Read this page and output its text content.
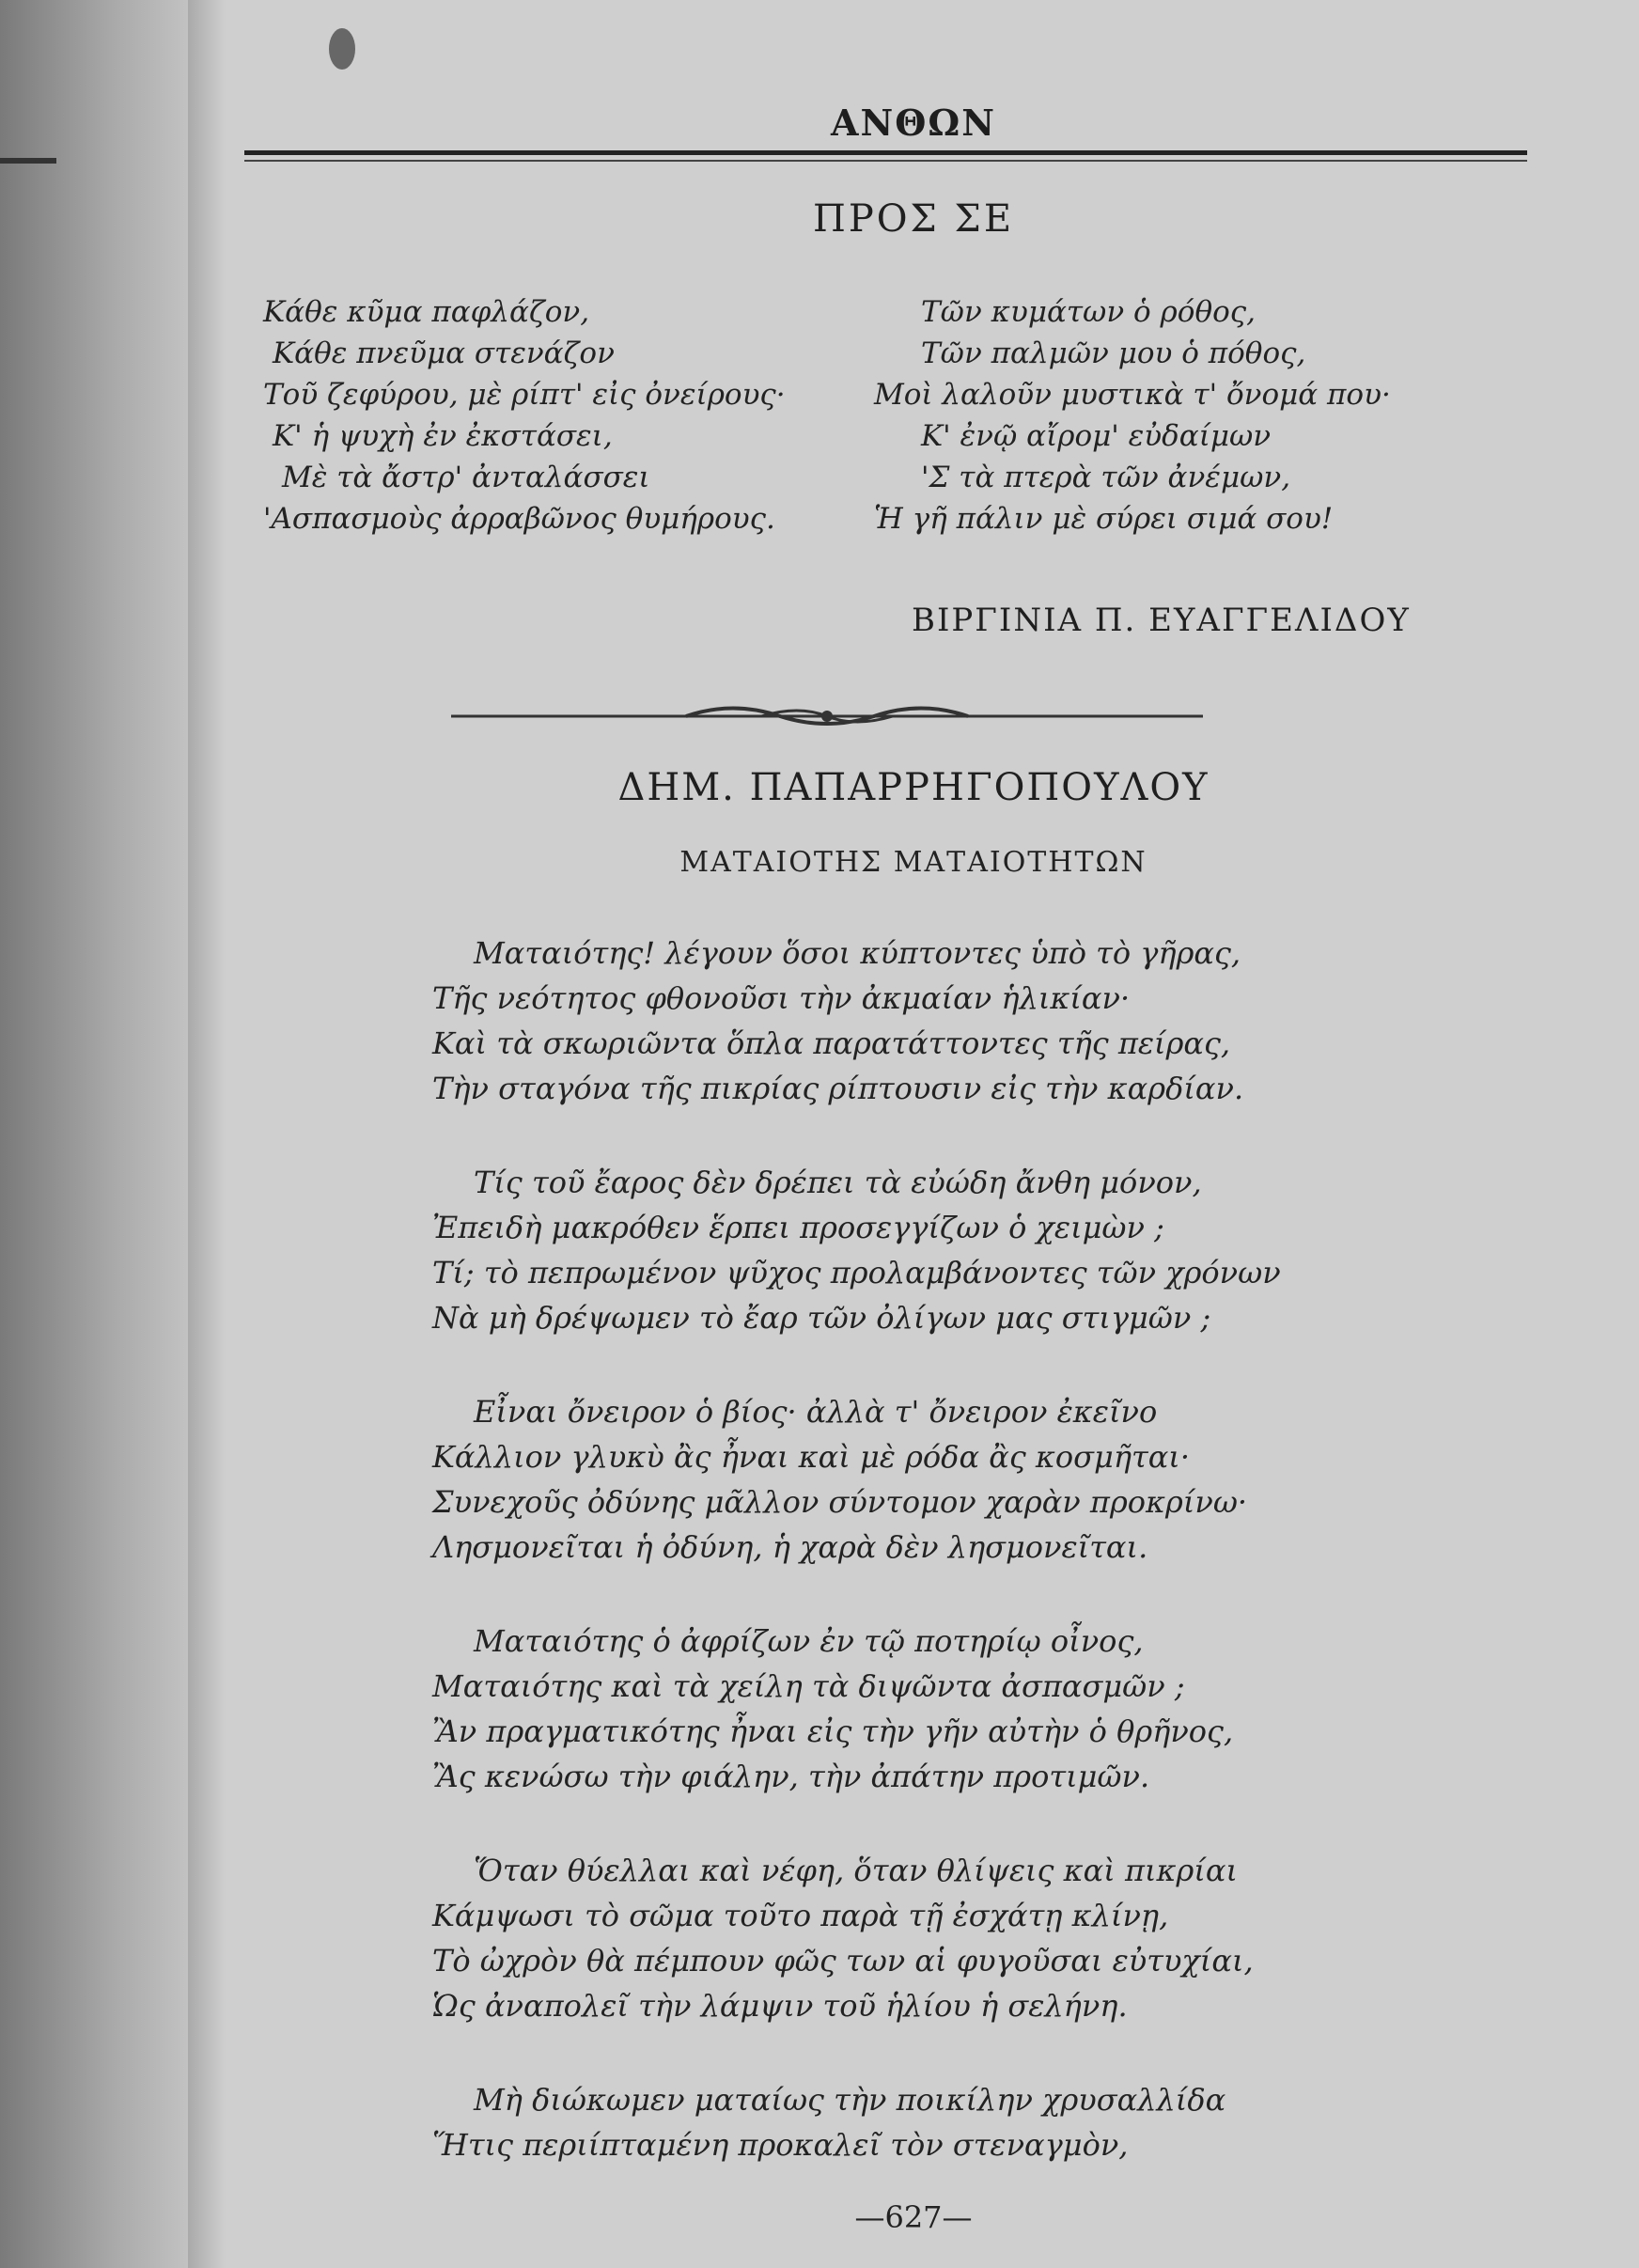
ΑΝΘΩΝ
ΠΡΟΣ ΣΕ
Κάθε κῦμα παφλάζον,
Κάθε πνεῦμα στενάζον
Τοῦ ζεφύρου, μὲ ρίπτ' εἰς ὀνείρους·
Κ' ἡ ψυχὴ ἐν ἐκστάσει,
Μὲ τὰ ἄστρ' ἀνταλάσσει
'Ασπασμοὺς ἀρραβῶνος θυμήρους.
Τῶν κυμάτων ὁ ρόθος,
Τῶν παλμῶν μου ὁ πόθος,
Μοὶ λαλοῦν μυστικὰ τ' ὄνομά που·
Κ' ἐνῷ αἴρομ' εὐδαίμων
'Σ τὰ πτερὰ τῶν ἀνέμων,
Ἡ γῆ πάλιν μὲ σύρει σιμά σου!
ΒΙΡΓΙΝΙΑ Π. ΕΥΑΓΓΕΛΙΔΟΥ
ΔΗΜ. ΠΑΠΑΡΡΗΓΟΠΟΥΛΟΥ
ΜΑΤΑΙΟΤΗΣ ΜΑΤΑΙΟΤΗΤΩΝ
Ματαιότης! λέγουν ὅσοι κύπτοντες ὑπὸ τὸ γῆρας,
Τῆς νεότητος φθονοῦσι τὴν ἀκμαίαν ἡλικίαν·
Καὶ τὰ σκωριῶντα ὅπλα παρατάττοντες τῆς πείρας,
Τὴν σταγόνα τῆς πικρίας ρίπτουσιν εἰς τὴν καρδίαν.
Τίς τοῦ ἔαρος δὲν δρέπει τὰ εὐώδη ἄνθη μόνον,
Ἐπειδὴ μακρόθεν ἕρπει προσεγγίζων ὁ χειμὼν ;
Τί; τὸ πεπρωμένον ψῦχος προλαμβάνοντες τῶν χρόνων
Νὰ μὴ δρέψωμεν τὸ ἔαρ τῶν ὀλίγων μας στιγμῶν ;
Εἶναι ὄνειρον ὁ βίος· ἀλλὰ τ' ὄνειρον ἐκεῖνο
Κάλλιον γλυκὺ ἂς ἦναι καὶ μὲ ρόδα ἂς κοσμῆται·
Συνεχοῦς ὀδύνης μᾶλλον σύντομον χαρὰν προκρίνω·
Λησμονεῖται ἡ ὀδύνη, ἡ χαρὰ δὲν λησμονεῖται.
Ματαιότης ὁ ἀφρίζων ἐν τῷ ποτηρίῳ οἶνος,
Ματαιότης καὶ τὰ χείλη τὰ διψῶντα ἀσπασμῶν ;
Ἂν πραγματικότης ἦναι εἰς τὴν γῆν αὐτὴν ὁ θρῆνος,
Ἂς κενώσω τὴν φιάλην, τὴν ἀπάτην προτιμῶν.
Ὅταν θύελλαι καὶ νέφη, ὅταν θλίψεις καὶ πικρίαι
Κάμψωσι τὸ σῶμα τοῦτο παρὰ τῇ ἐσχάτῃ κλίνῃ,
Τὸ ὠχρὸν θὰ πέμπουν φῶς των αἱ φυγοῦσαι εὐτυχίαι,
Ὡς ἀναπολεῖ τὴν λάμψιν τοῦ ἡλίου ἡ σελήνη.
Μὴ διώκωμεν ματαίως τὴν ποικίλην χρυσαλλίδα
Ἥτις περιίπταμένη προκαλεῖ τὸν στεναγμὸν,
—627—
